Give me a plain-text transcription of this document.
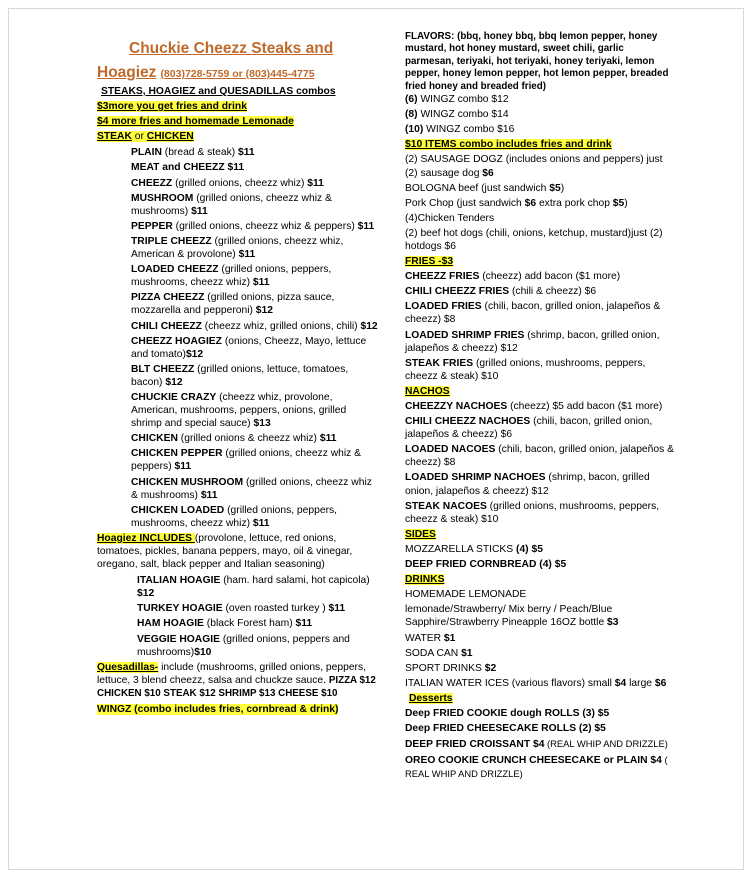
Chuckie Cheezz Steaks and
Hoagiez (803)728-5759 or (803)445-4775
STEAKS, HOAGIEZ and QUESADILLAS combos
$3more you get fries and drink
$4 more fries and homemade Lemonade
STEAK or CHICKEN
PLAIN (bread & steak) $11
MEAT and CHEEZZ $11
CHEEZZ (grilled onions, cheezz whiz) $11
MUSHROOM (grilled onions, cheezz whiz & mushrooms) $11
PEPPER (grilled onions, cheezz whiz & peppers) $11
TRIPLE CHEEZZ (grilled onions, cheezz whiz, American & provolone) $11
LOADED CHEEZZ (grilled onions, peppers, mushrooms, cheezz whiz) $11
PIZZA CHEEZZ (grilled onions, pizza sauce, mozzarella and pepperoni) $12
CHILI CHEEZZ (cheezz whiz, grilled onions, chili) $12
CHEEZZ HOAGIEZ (onions, Cheezz, Mayo, lettuce and tomato)$12
BLT CHEEZZ (grilled onions, lettuce, tomatoes, bacon) $12
CHUCKIE CRAZY (cheezz whiz, provolone, American, mushrooms, peppers, onions, grilled shrimp and special sauce) $13
CHICKEN (grilled onions & cheezz whiz) $11
CHICKEN PEPPER (grilled onions, cheezz whiz & peppers) $11
CHICKEN MUSHROOM (grilled onions, cheezz whiz & mushrooms) $11
CHICKEN LOADED (grilled onions, peppers, mushrooms, cheezz whiz) $11
Hoagiez INCLUDES (provolone, lettuce, red onions, tomatoes, pickles, banana peppers, mayo, oil & vinegar, oregano, salt, black pepper and Italian seasoning)
ITALIAN HOAGIE (ham. hard salami, hot capicola) $12
TURKEY HOAGIE (oven roasted turkey ) $11
HAM HOAGIE (black Forest ham) $11
VEGGIE HOAGIE (grilled onions, peppers and mushrooms)$10
Quesadillas- include (mushrooms, grilled onions, peppers, lettuce, 3 blend cheezz, salsa and chuckze sauce. PIZZA $12 CHICKEN $10 STEAK $12 SHRIMP $13 CHEESE $10
WINGZ (combo includes fries, cornbread & drink)
FLAVORS: (bbq, honey bbq, bbq lemon pepper, honey mustard, hot honey mustard, sweet chili, garlic parmesan, teriyaki, hot teriyaki, honey teriyaki, lemon pepper, honey lemon pepper, hot lemon pepper, breaded fried honey and breaded fried)
(6) WINGZ combo $12
(8) WINGZ combo $14
(10) WINGZ combo $16
$10 ITEMS combo includes fries and drink
(2) SAUSAGE DOGZ (includes onions and peppers) just (2) sausage dog $6
BOLOGNA beef (just sandwich $5)
Pork Chop (just sandwich $6 extra pork chop $5)
(4)Chicken Tenders
(2) beef hot dogs (chili, onions, ketchup, mustard)just (2) hotdogs $6
FRIES -$3
CHEEZZ FRIES (cheezz) add bacon ($1 more)
CHILI CHEEZZ FRIES (chili & cheezz) $6
LOADED FRIES (chili, bacon, grilled onion, jalapeños & cheezz) $8
LOADED SHRIMP FRIES (shrimp, bacon, grilled onion, jalapeños & cheezz) $12
STEAK FRIES (grilled onions, mushrooms, peppers, cheezz & steak) $10
NACHOS
CHEEZZY NACHOES (cheezz) $5 add bacon ($1 more)
CHILI CHEEZZ NACHOES (chili, bacon, grilled onion, jalapeños & cheezz) $6
LOADED NACOES (chili, bacon, grilled onion, jalapeños & cheezz) $8
LOADED SHRIMP NACHOES (shrimp, bacon, grilled onion, jalapeños & cheezz) $12
STEAK NACOES (grilled onions, mushrooms, peppers, cheezz & steak) $10
SIDES
MOZZARELLA STICKS (4) $5
DEEP FRIED CORNBREAD (4) $5
DRINKS
HOMEMADE LEMONADE
lemonade/Strawberry/ Mix berry / Peach/Blue Sapphire/Strawberry Pineapple 16OZ bottle $3
WATER $1
SODA CAN $1
SPORT DRINKS $2
ITALIAN WATER ICES (various flavors) small $4 large $6
Desserts
Deep FRIED COOKIE dough ROLLS (3) $5
Deep FRIED CHEESECAKE ROLLS (2) $5
DEEP FRIED CROISSANT $4 (REAL WHIP AND DRIZZLE)
OREO COOKIE CRUNCH CHEESECAKE or PLAIN $4 ( REAL WHIP AND DRIZZLE)
